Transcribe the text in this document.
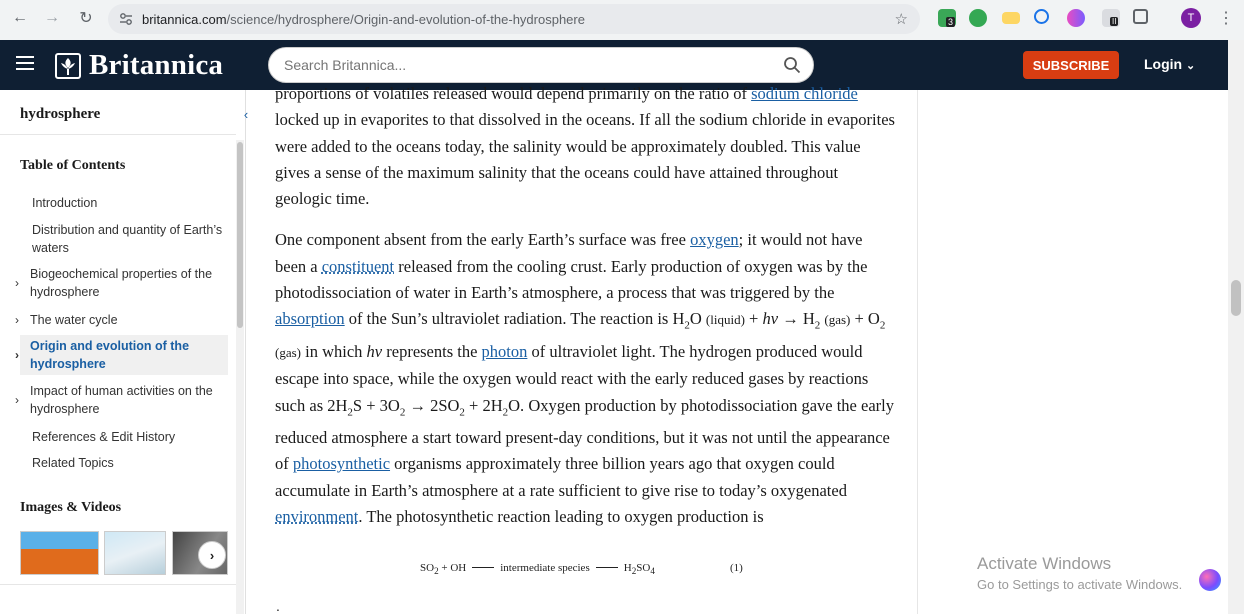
← →	↻	britannica.com/science/hydrosphere/Origin-and-evolution-of-the-hydrosphere	☆	3	II	T	⋮
Britannica
Search Britannica...	SUBSCRIBE	Login ⌄
hydrosphere	‹
Table of Contents
Introduction
Distribution and quantity of Earth’s waters
›
Biogeochemical properties of the hydrosphere
› The water cycle
›
Origin and evolution of the hydrosphere
›
Impact of human activities on the hydrosphere
References & Edit History
Related Topics
Images & Videos
›

proportions of volatiles released would depend primarily on the ratio of sodium chloride locked up in evaporites to that dissolved in the oceans. If all the sodium chloride in evaporites were added to the oceans today, the salinity would be approximately doubled. This value gives a sense of the maximum salinity that the oceans could have attained throughout geologic time.

One component absent from the early Earth’s surface was free oxygen; it would not have been a constituent released from the cooling crust. Early production of oxygen was by the photodissociation of water in Earth’s atmosphere, a process that was triggered by the absorption of the Sun’s ultraviolet radiation. The reaction is $H_2O$ (liquid) + hv → $H_2$ $(gas) + O_2$ (gas) in which hv represents the photon of ultraviolet light. The hydrogen produced would escape into space, while the oxygen would react with the early reduced gases by reactions such as $2H_2S + 3O_2 \to 2SO_2 + 2H_2O$. Oxygen production by photodissociation gave the early reduced atmosphere a start toward present-day conditions, but it was not until the appearance of photosynthetic organisms approximately three billion years ago that oxygen could accumulate in Earth’s atmosphere at a rate sufficient to give rise to today’s oxygenated environment. The photosynthetic reaction leading to oxygen production is

$SO_2$ + OH	intermediate species	$H_2SO_4$	(1)
.
Activate Windows
Go to Settings to activate Windows.
